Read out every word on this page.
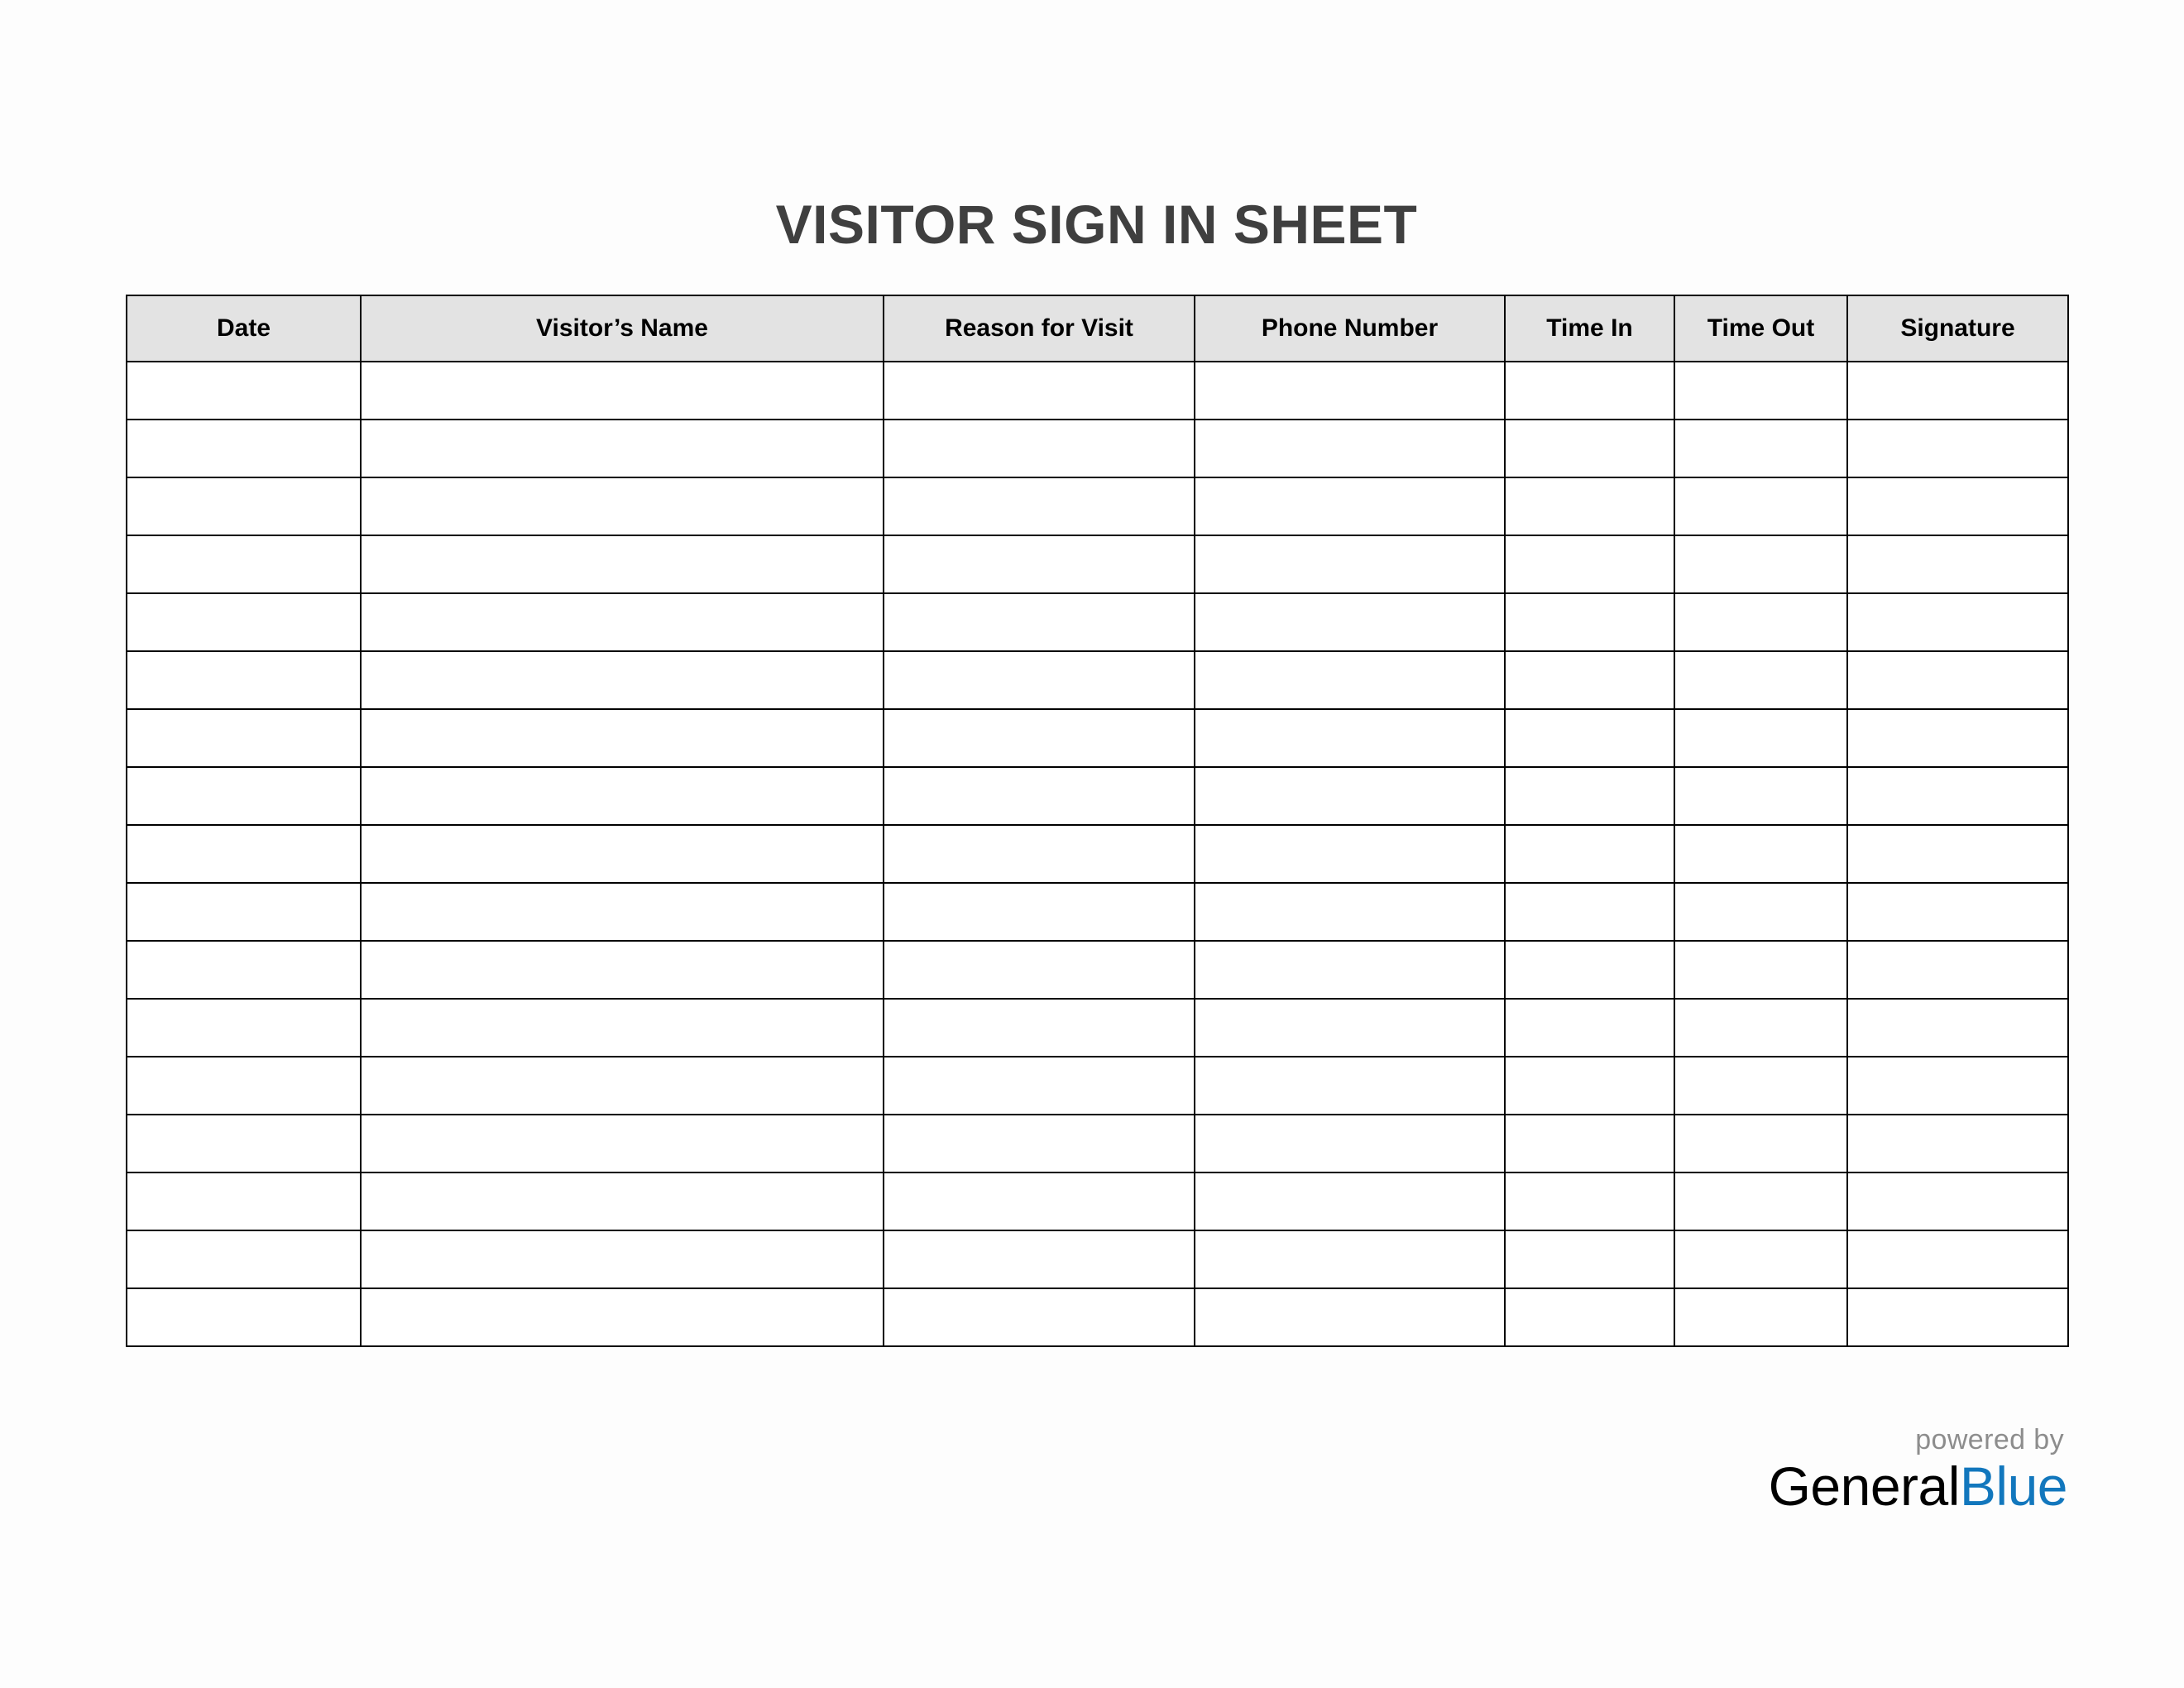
VISITOR SIGN IN SHEET
Date	Visitor’s Name	Reason for Visit	Phone Number	Time In	Time Out	Signature

powered by
GeneralBlue
